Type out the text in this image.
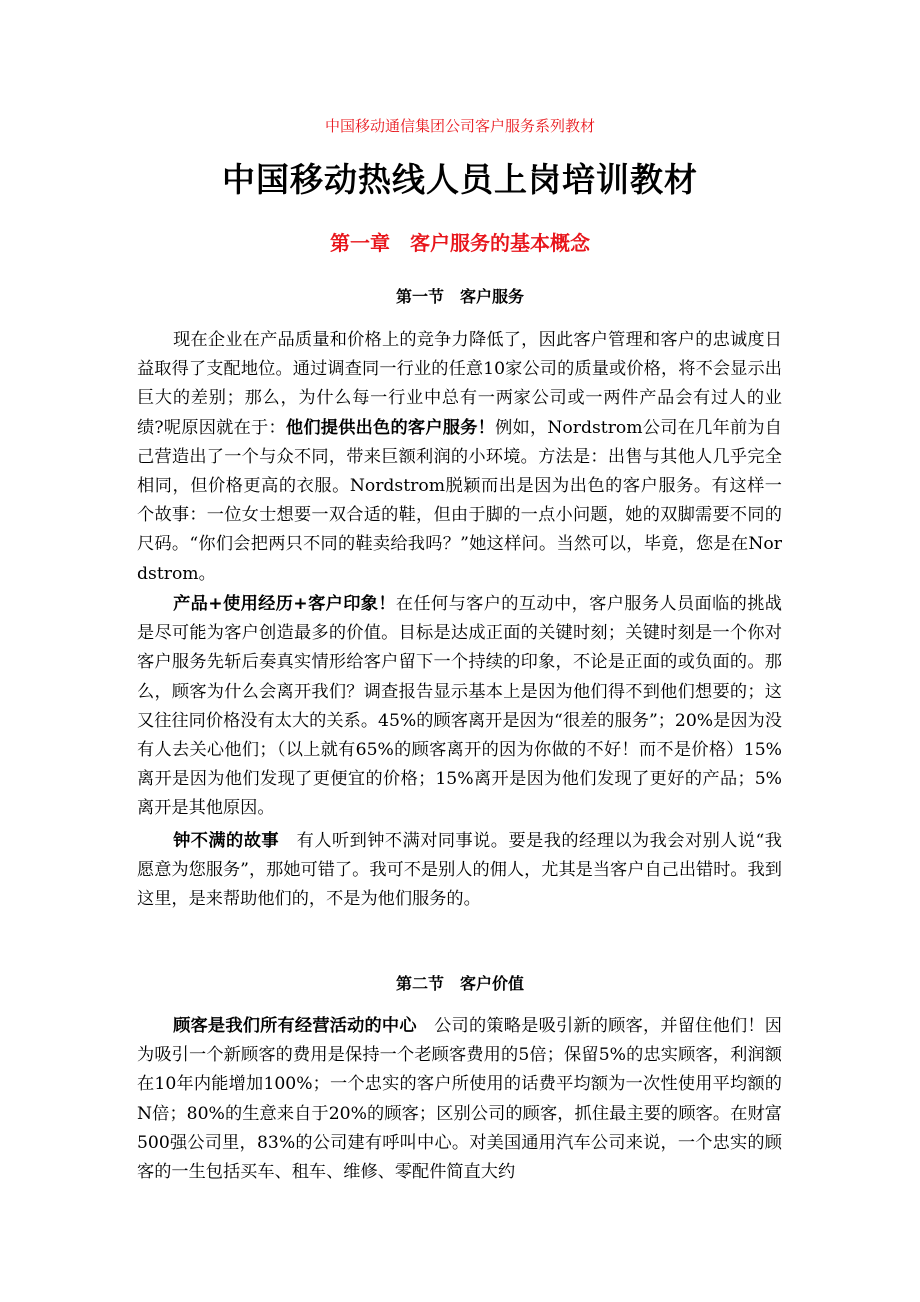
中国移动通信集团公司客户服务系列教材
中国移动热线人员上岗培训教材
第一章　客户服务的基本概念
第一节　客户服务

现在企业在产品质量和价格上的竞争力降低了，因此客户管理和客户的忠诚度日益取得了支配地位。通过调查同一行业的任意10家公司的质量或价格，将不会显示出巨大的差别；那么，为什么每一行业中总有一两家公司或一两件产品会有过人的业绩?呢原因就在于：他们提供出色的客户服务！例如，Nordstrom公司在几年前为自己营造出了一个与众不同，带来巨额利润的小环境。方法是：出售与其他人几乎完全相同，但价格更高的衣服。Nordstrom脱颖而出是因为出色的客户服务。有这样一个故事：一位女士想要一双合适的鞋，但由于脚的一点小问题，她的双脚需要不同的尺码。“你们会把两只不同的鞋卖给我吗？”她这样问。当然可以，毕竟，您是在Nordstrom。

产品+使用经历+客户印象！在任何与客户的互动中，客户服务人员面临的挑战是尽可能为客户创造最多的价值。目标是达成正面的关键时刻；关键时刻是一个你对客户服务先斩后奏真实情形给客户留下一个持续的印象，不论是正面的或负面的。那么，顾客为什么会离开我们？调查报告显示基本上是因为他们得不到他们想要的；这又往往同价格没有太大的关系。45%的顾客离开是因为“很差的服务”；20%是因为没有人去关心他们；（以上就有65%的顾客离开的因为你做的不好！而不是价格）15%离开是因为他们发现了更便宜的价格；15%离开是因为他们发现了更好的产品；5%离开是其他原因。

钟不满的故事　有人听到钟不满对同事说。要是我的经理以为我会对别人说“我愿意为您服务”，那她可错了。我可不是别人的佣人，尤其是当客户自己出错时。我到这里，是来帮助他们的，不是为他们服务的。

第二节　客户价值

顾客是我们所有经营活动的中心　公司的策略是吸引新的顾客，并留住他们！因为吸引一个新顾客的费用是保持一个老顾客费用的5倍；保留5%的忠实顾客，利润额在10年内能增加100%；一个忠实的客户所使用的话费平均额为一次性使用平均额的N倍；80%的生意来自于20%的顾客；区别公司的顾客，抓住最主要的顾客。在财富500强公司里，83%的公司建有呼叫中心。对美国通用汽车公司来说，一个忠实的顾客的一生包括买车、租车、维修、零配件简直大约
